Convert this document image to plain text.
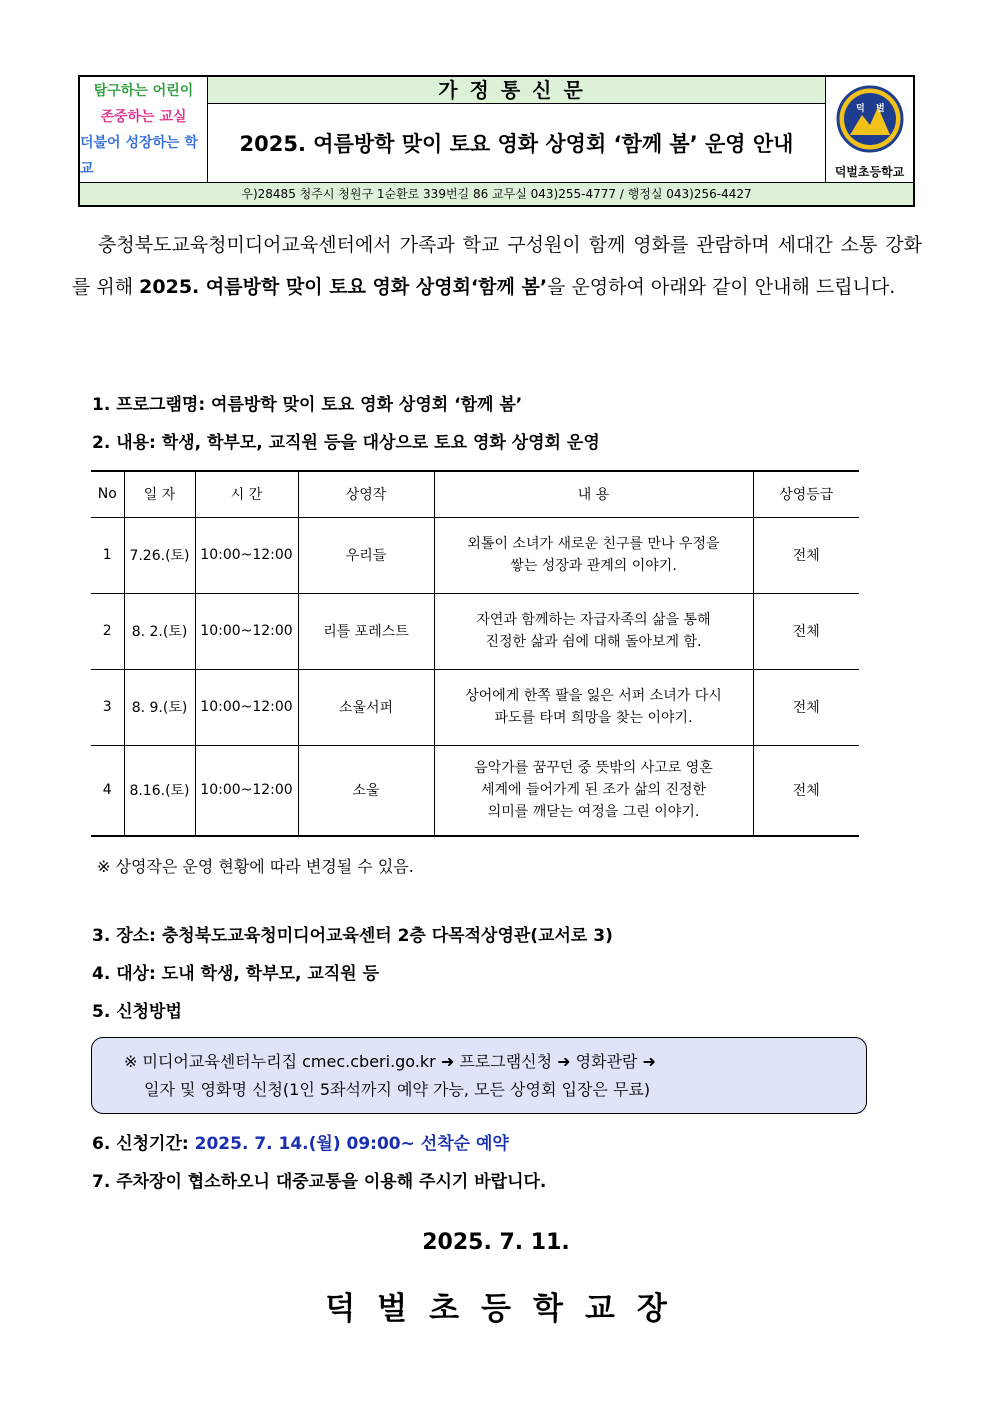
탐구하는 어린이
존중하는 교실
더불어 성장하는 학교
가정통신문
2025. 여름방학 맞이 토요 영화 상영회 ‘함께 봄’ 운영 안내
덕 벌
덕벌초등학교
우)28485 청주시 청원구 1순환로 339번길 86 교무실 043)255-4777 / 행정실 043)256-4427

충청북도교육청미디어교육센터에서 가족과 학교 구성원이 함께 영화를 관람하며 세대간 소통 강화를 위해 2025. 여름방학 맞이 토요 영화 상영회‘함께 봄’을 운영하여 아래와 같이 안내해 드립니다.

1. 프로그램명: 여름방학 맞이 토요 영화 상영회 ‘함께 봄’
2. 내용: 학생, 학부모, 교직원 등을 대상으로 토요 영화 상영회 운영
No	일 자	시 간	상영작	내 용	상영등급
1	7.26.(토)	10:00~12:00	우리들	외톨이 소녀가 새로운 친구를 만나 우정을
쌓는 성장과 관계의 이야기.	전체
2	8. 2.(토)	10:00~12:00	리틀 포레스트	자연과 함께하는 자급자족의 삶을 통해
진정한 삶과 쉼에 대해 돌아보게 함.	전체
3	8. 9.(토)	10:00~12:00	소울서퍼	상어에게 한쪽 팔을 잃은 서퍼 소녀가 다시
파도를 타며 희망을 찾는 이야기.	전체
4	8.16.(토)	10:00~12:00	소울	음악가를 꿈꾸던 중 뜻밖의 사고로 영혼
세계에 들어가게 된 조가 삶의 진정한
의미를 깨닫는 여정을 그린 이야기.	전체
※ 상영작은 운영 현황에 따라 변경될 수 있음.
3. 장소: 충청북도교육청미디어교육센터 2층 다목적상영관(교서로 3)
4. 대상: 도내 학생, 학부모, 교직원 등
5. 신청방법
※ 미디어교육센터누리집 cmec.cberi.go.kr ➜ 프로그램신청 ➜ 영화관람 ➜
일자 및 영화명 신청(1인 5좌석까지 예약 가능, 모든 상영회 입장은 무료)
6. 신청기간: 2025. 7. 14.(월) 09:00~ 선착순 예약
7. 주차장이 협소하오니 대중교통을 이용해 주시기 바랍니다.
2025. 7. 11.
덕벌초등학교장
